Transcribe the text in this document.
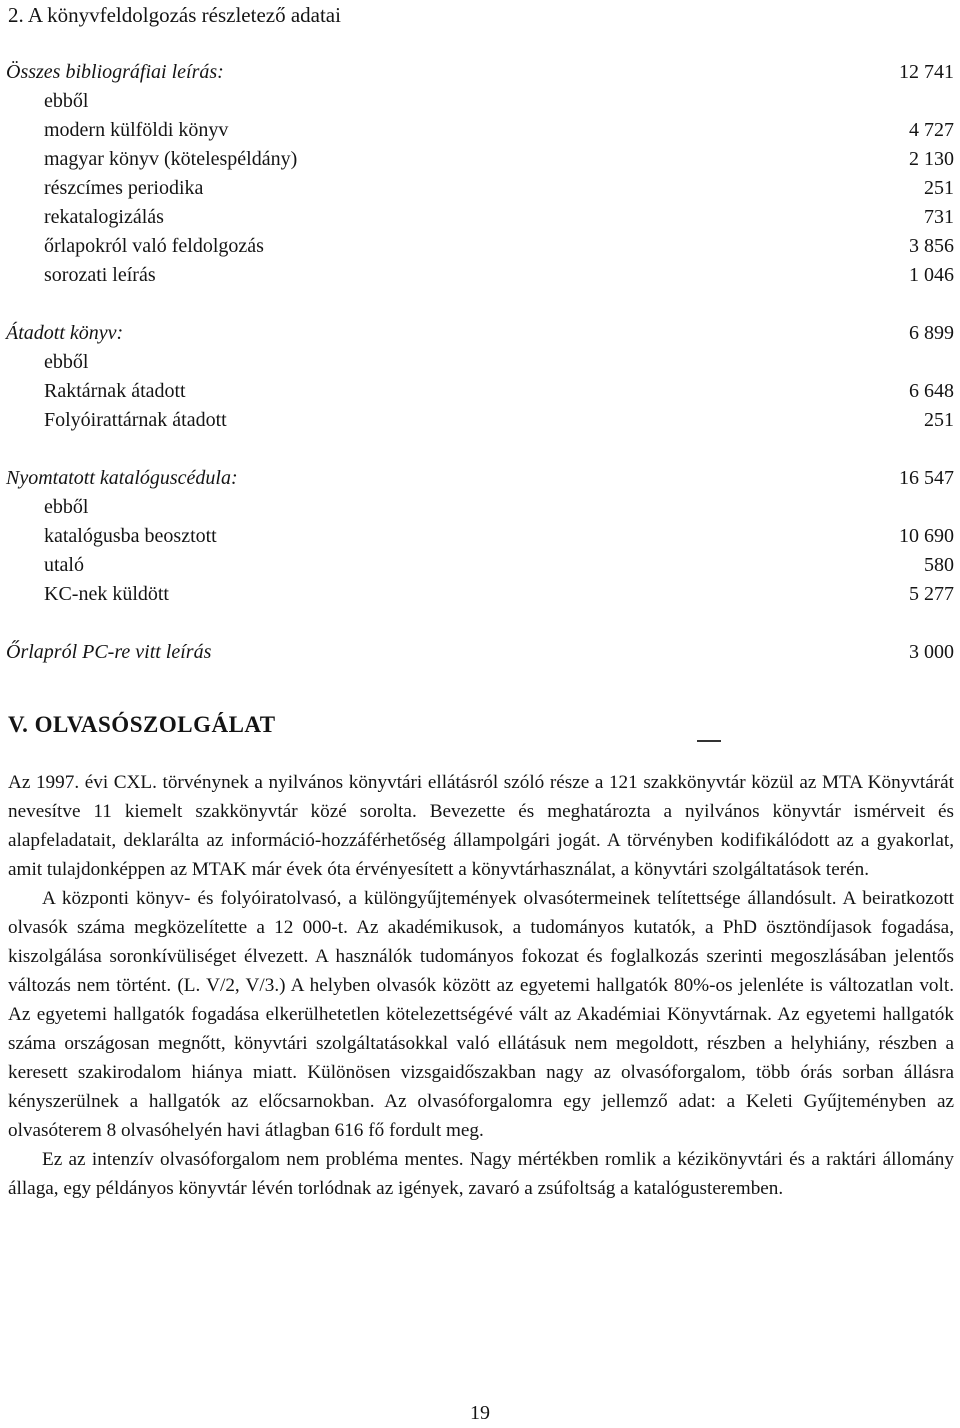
2. A könyvfeldolgozás részletező adatai
Összes bibliográfiai leírás:	12 741
ebből
modern külföldi könyv	4 727
magyar könyv (kötelespéldány)	2 130
részcímes periodika	251
rekatalogizálás	731
őrlapokról való feldolgozás	3 856
sorozati leírás	1 046
Átadott könyv:	6 899
ebből
Raktárnak átadott	6 648
Folyóirattárnak átadott	251
Nyomtatott katalóguscédula:	16 547
ebből
katalógusba beosztott	10 690
utaló	580
KC-nek küldött	5 277
Őrlapról PC-re vitt leírás	3 000
V. OLVASÓSZOLGÁLAT

Az 1997. évi CXL. törvénynek a nyilvános könyvtári ellátásról szóló része a 121 szakkönyvtár közül az MTA Könyvtárát nevesítve 11 kiemelt szakkönyvtár közé sorolta. Bevezette és meghatározta a nyilvános könyvtár ismérveit és alapfeladatait, deklarálta az információ-hozzáférhetőség állampolgári jogát. A törvényben kodifikálódott az a gyakorlat, amit tulajdonképpen az MTAK már évek óta érvényesített a könyvtárhasználat, a könyvtári szolgáltatások terén.

A központi könyv- és folyóiratolvasó, a különgyűjtemények olvasótermeinek telítettsége állandósult. A beiratkozott olvasók száma megközelítette a 12 000-t. Az akadémikusok, a tudományos kutatók, a PhD ösztöndíjasok fogadása, kiszolgálása soronkívüliséget élvezett. A használók tudományos fokozat és foglalkozás szerinti megoszlásában jelentős változás nem történt. (L. V/2, V/3.) A helyben olvasók között az egyetemi hallgatók 80%-os jelenléte is változatlan volt. Az egyetemi hallgatók fogadása elkerülhetetlen kötelezettségévé vált az Akadémiai Könyvtárnak. Az egyetemi hallgatók száma országosan megnőtt, könyvtári szolgáltatásokkal való ellátásuk nem megoldott, részben a helyhiány, részben a keresett szakirodalom hiánya miatt. Különösen vizsgaidőszakban nagy az olvasóforgalom, több órás sorban állásra kényszerülnek a hallgatók az előcsarnokban. Az olvasóforgalomra egy jellemző adat: a Keleti Gyűjteményben az olvasóterem 8 olvasóhelyén havi átlagban 616 fő fordult meg.

Ez az intenzív olvasóforgalom nem probléma mentes. Nagy mértékben romlik a kézikönyvtári és a raktári állomány állaga, egy példányos könyvtár lévén torlódnak az igények, zavaró a zsúfoltság a katalógusteremben.

19
